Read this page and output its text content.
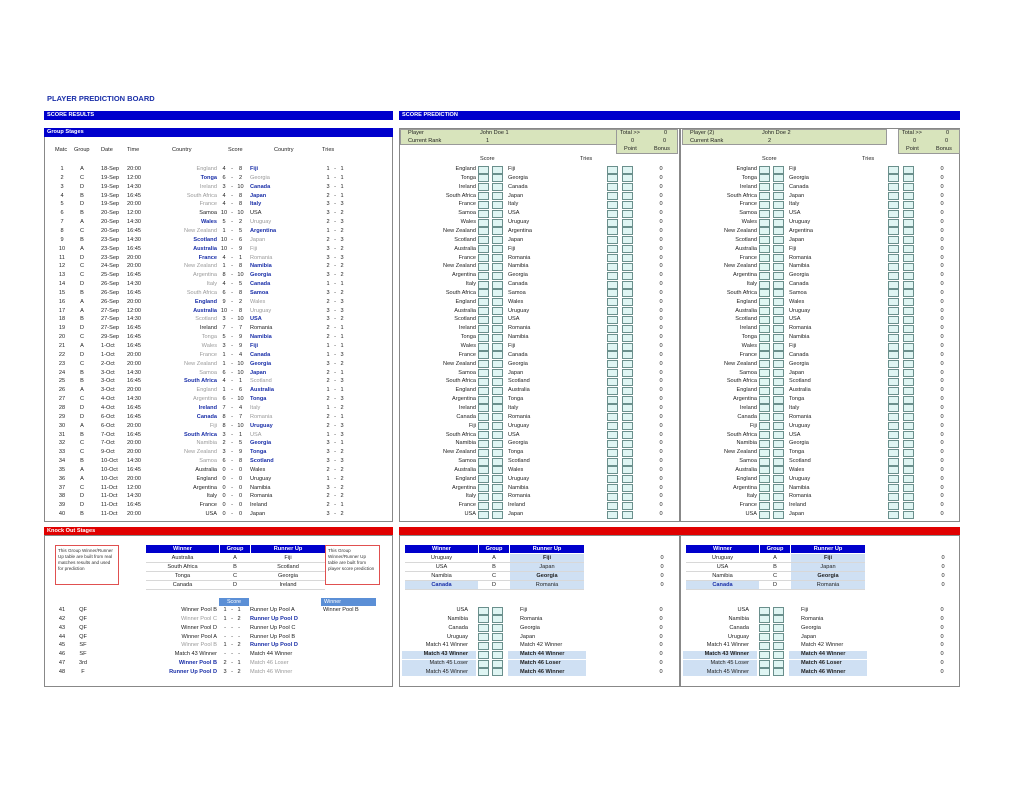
PLAYER PREDICTION BOARD
SCORE RESULTS	SCORE PREDICTION
Group Stages
Knock Out Stages
Matc Group Date	Time	Country	Score	Country	Tries
Player	John Doe 1
Current Rank	1
Total >>	0
0	0
Point	Bonus
Score	Tries
Player (2)	John Doe 2
Current Rank	2
Total >>	0
0	0
Point	Bonus
Score	Tries
1	A	18-Sep 20:00	England 4 -	8	Fiji	1 - 1	England	Fiji	0	England	Fiji	0
2	C	19-Sep 12:00	Tonga 6 -	2	Georgia	1 - 1	Tonga	Georgia	0	Tonga	Georgia	0
3	D	19-Sep 14:30	Ireland 3 - 10	Canada	3 - 1	Ireland	Canada	0	Ireland	Canada	0
4	B	19-Sep 16:45	South Africa 4 -	8	Japan	2 - 1	South Africa	Japan	0	South Africa	Japan	0
5	D	19-Sep 20:00	France 4 -	8	Italy	3 - 3	France	Italy	0	France	Italy	0
6	B	20-Sep 12:00	Samoa 10 - 10	USA	3 - 2	Samoa	USA	0	Samoa	USA	0
7	A	20-Sep 14:30	Wales 5 -	2	Uruguay	2 - 3	Wales	Uruguay	0	Wales	Uruguay	0
8	C	20-Sep 16:45	New Zealand 1 -	5	Argentina	1 - 2	New Zealand	Argentina	0	New Zealand	Argentina	0
9	B	23-Sep 14:30	Scotland 10 -	6	Japan	2 - 3	Scotland	Japan	0	Scotland	Japan	0
10	A	23-Sep 16:45	Australia 10 -	9	Fiji	3 - 2	Australia	Fiji	0	Australia	Fiji	0
11	D	23-Sep 20:00	France 4 -	1	Romania	3 - 3	France	Romania	0	France	Romania	0
12	C	24-Sep 20:00	New Zealand 1 -	8	Namibia	2 - 2	New Zealand	Namibia	0	New Zealand	Namibia	0
13	C	25-Sep 16:45	Argentina 8 - 10	Georgia	3 - 2	Argentina	Georgia	0	Argentina	Georgia	0
14	D	26-Sep 14:30	Italy 4 -	5	Canada	1 - 1	Italy	Canada	0	Italy	Canada	0
15	B	26-Sep 16:45	South Africa 6 -	8	Samoa	3 - 2	South Africa	Samoa	0	South Africa	Samoa	0
16	A	26-Sep 20:00	England 9 -	2	Wales	2 - 3	England	Wales	0	England	Wales	0
17	A	27-Sep 12:00	Australia 10 -	8	Uruguay	3 - 3	Australia	Uruguay	0	Australia	Uruguay	0
18	B	27-Sep 14:30	Scotland 3 - 10	USA	3 - 2	Scotland	USA	0	Scotland	USA	0
19	D	27-Sep 16:45	Ireland 7 -	7	Romania	2 - 1	Ireland	Romania	0	Ireland	Romania	0
20	C	29-Sep 16:45	Tonga 5 -	9	Namibia	2 - 1	Tonga	Namibia	0	Tonga	Namibia	0
21	A	1-Oct 16:45	Wales 3 -	9	Fiji	1 - 1	Wales	Fiji	0	Wales	Fiji	0
22	D	1-Oct 20:00	France 1 -	4	Canada	1 - 3	France	Canada	0	France	Canada	0
23	C	2-Oct 20:00	New Zealand 1 - 10	Georgia	3 - 2	New Zealand	Georgia	0	New Zealand	Georgia	0
24	B	3-Oct 14:30	Samoa 6 - 10	Japan	2 - 1	Samoa	Japan	0	Samoa	Japan	0
25	B	3-Oct 16:45	South Africa 4 -	1	Scotland	2 - 3	South Africa	Scotland	0	South Africa	Scotland	0
26	A	3-Oct 20:00	England 1 -	6	Australia	1 - 1	England	Australia	0	England	Australia	0
27	C	4-Oct 14:30	Argentina 6 - 10	Tonga	2 - 3	Argentina	Tonga	0	Argentina	Tonga	0
28	D	4-Oct 16:45	Ireland 7 -	4	Italy	1 - 2	Ireland	Italy	0	Ireland	Italy	0
29	D	6-Oct 16:45	Canada 8 -	7	Romania	2 - 1	Canada	Romania	0	Canada	Romania	0
30	A	6-Oct 20:00	Fiji 8 - 10	Uruguay	2 - 3	Fiji	Uruguay	0	Fiji	Uruguay	0
31	B	7-Oct 16:45	South Africa 3 -	1	USA	1 - 3	South Africa	USA	0	South Africa	USA	0
32	C	7-Oct 20:00	Namibia 2 -	5	Georgia	3 - 1	Namibia	Georgia	0	Namibia	Georgia	0
33	C	9-Oct 20:00	New Zealand 3 -	9	Tonga	3 - 2	New Zealand	Tonga	0	New Zealand	Tonga	0
34	B	10-Oct 14:30	Samoa 6 -	8	Scotland	3 - 3	Samoa	Scotland	0	Samoa	Scotland	0
35	A	10-Oct 16:45	Australia 0 -	0	Wales	2 - 2	Australia	Wales	0	Australia	Wales	0
36	A	10-Oct 20:00	England 0 -	0	Uruguay	1 - 2	England	Uruguay	0	England	Uruguay	0
37	C	11-Oct 12:00	Argentina 0 -	0	Namibia	3 - 2	Argentina	Namibia	0	Argentina	Namibia	0
38	D	11-Oct 14:30	Italy 0 -	0	Romania	2 - 2	Italy	Romania	0	Italy	Romania	0
39	D	11-Oct 16:45	France 0 -	0	Ireland	2 - 1	France	Ireland	0	France	Ireland	0
40	B	11-Oct 20:00	USA 0 -	0	Japan	3 - 2	USA	Japan	0	USA	Japan	0
This Group Winner/Runner Up table are built from real matches results and used for prediction
This Group Winner/Runner Up table are built from player score prediction
Winner	Group	Runner Up
Australia	A	Fiji
South Africa	B	Scotland
Tonga	C	Georgia
Canada	D	Ireland
Winner	Group	Runner Up
Uruguay	A	Fiji	0
USA	B	Japan	0
Namibia	C	Georgia	0
Canada	D	Romania	0
Winner	Group	Runner Up
Uruguay	A	Fiji	0
USA	B	Japan	0
Namibia	C	Georgia	0
Canada	D	Romania	0
41	QF	Winner Pool B	1 - 1	Runner Up Pool A
42	QF	Winner Pool C	1 - 2	Runner Up Pool D
43	QF	Winner Pool D	- - -	Runner Up Pool C
44	QF	Winner Pool A	- - -	Runner Up Pool B
45	SF	Winner Pool B	1 - 2	Runner Up Pool D
46	SF	Match 43 Winner	- - -	Match 44 Winner
47	3rd	Winner Pool B	2 - 1	Match 46 Loser
48	F	Runner Up Pool D	3 - 2	Match 46 Winner
USA	Fiji	0
Namibia	Romania	0
Canada	Georgia	0
Uruguay	Japan	0
Match 41 Winner	Match 42 Winner	0
Match 43 Winner	Match 44 Winner	0
Match 45 Loser	Match 46 Loser	0
Match 45 Winner	Match 46 Winner	0
USA	Fiji	0
Namibia	Romania	0
Canada	Georgia	0
Uruguay	Japan	0
Match 41 Winner	Match 42 Winner	0
Match 43 Winner	Match 44 Winner	0
Match 45 Loser	Match 46 Loser	0
Match 45 Winner	Match 46 Winner	0
Score	Winner
Winner Pool B
